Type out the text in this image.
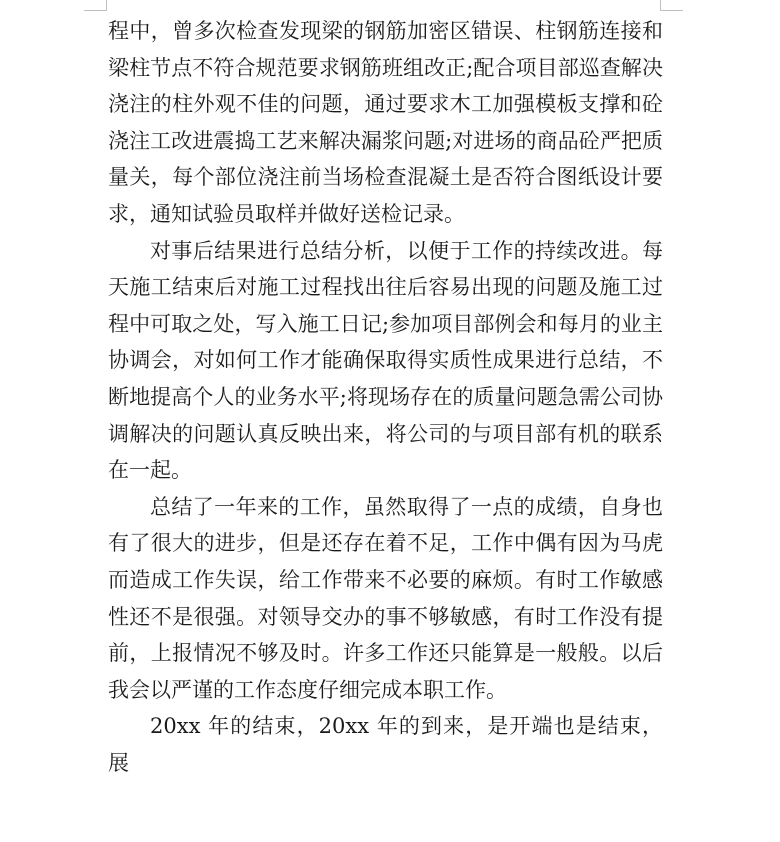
程中，曾多次检查发现梁的钢筋加密区错误、柱钢筋连接和梁柱节点不符合规范要求钢筋班组改正;配合项目部巡查解决浇注的柱外观不佳的问题，通过要求木工加强模板支撑和砼浇注工改进震捣工艺来解决漏浆问题;对进场的商品砼严把质量关，每个部位浇注前当场检查混凝土是否符合图纸设计要求，通知试验员取样并做好送检记录。

对事后结果进行总结分析，以便于工作的持续改进。每天施工结束后对施工过程找出往后容易出现的问题及施工过程中可取之处，写入施工日记;参加项目部例会和每月的业主协调会，对如何工作才能确保取得实质性成果进行总结，不断地提高个人的业务水平;将现场存在的质量问题急需公司协调解决的问题认真反映出来，将公司的与项目部有机的联系在一起。

总结了一年来的工作，虽然取得了一点的成绩，自身也有了很大的进步，但是还存在着不足，工作中偶有因为马虎而造成工作失误，给工作带来不必要的麻烦。有时工作敏感性还不是很强。对领导交办的事不够敏感，有时工作没有提前，上报情况不够及时。许多工作还只能算是一般般。以后我会以严谨的工作态度仔细完成本职工作。

20xx 年的结束，20xx 年的到来，是开端也是结束，展
